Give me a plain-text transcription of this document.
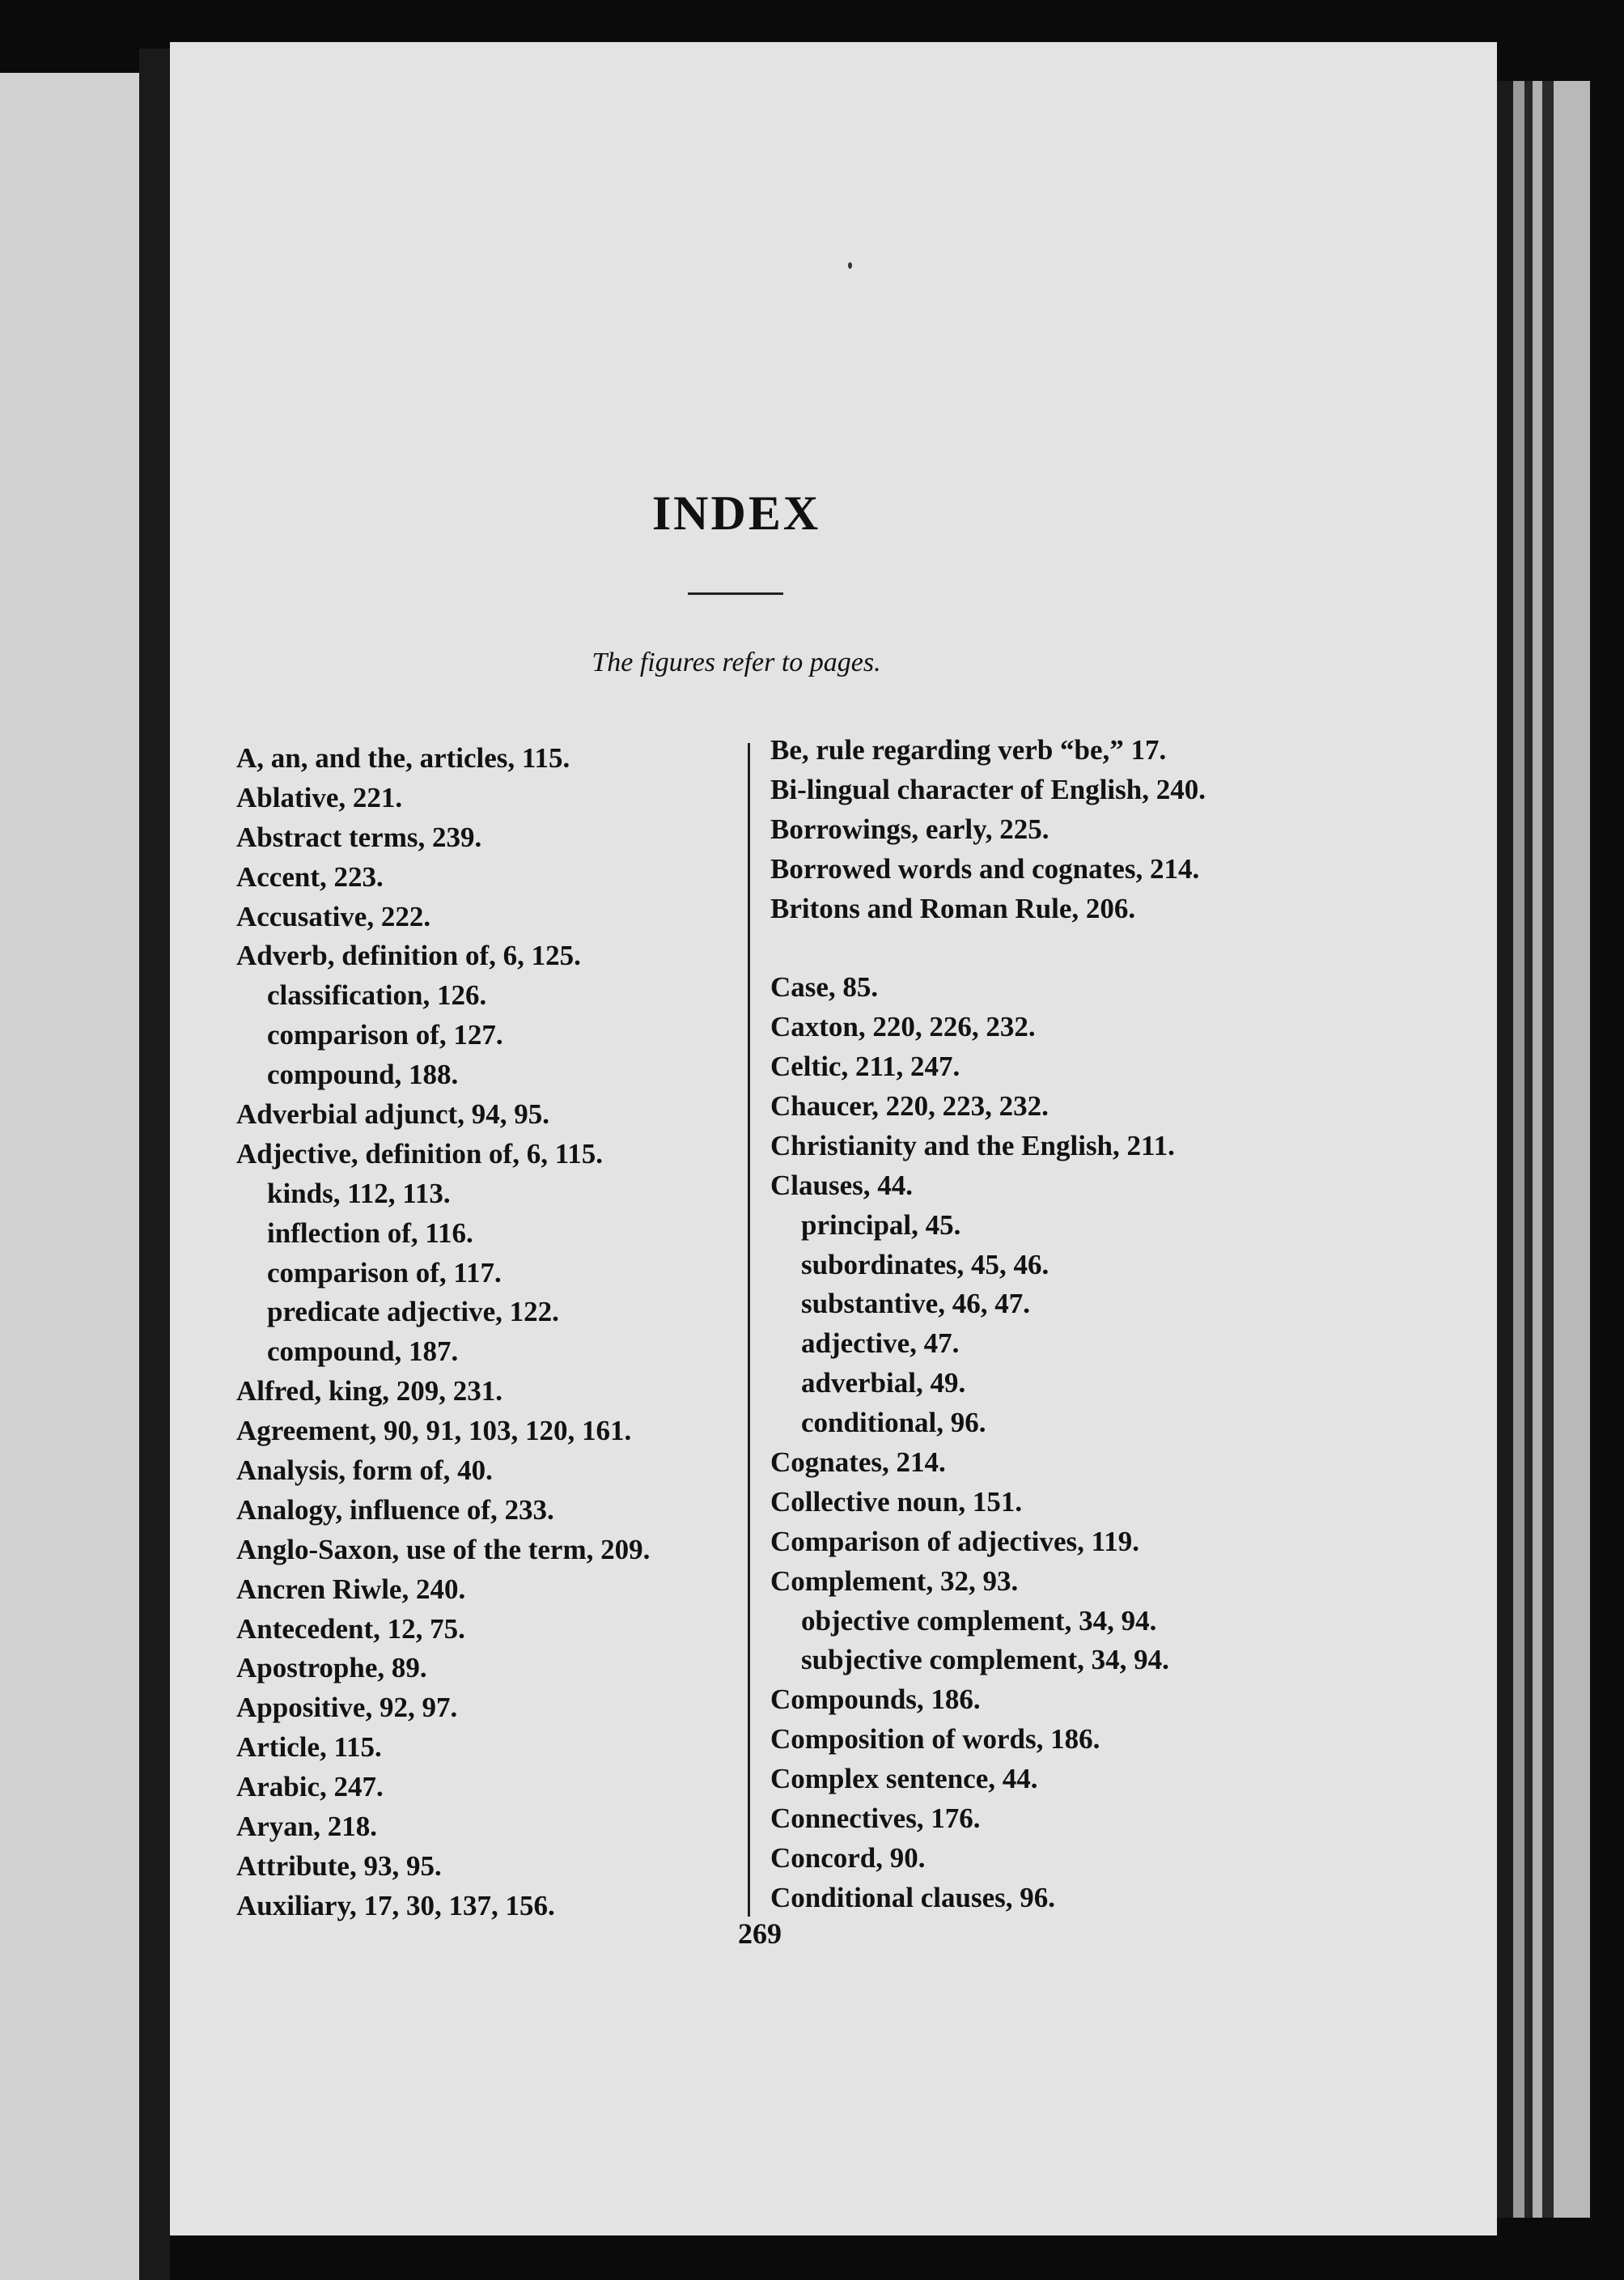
INDEX
The figures refer to pages.
A, an, and the, articles, 115.
Ablative, 221.
Abstract terms, 239.
Accent, 223.
Accusative, 222.
Adverb, definition of, 6, 125.
classification, 126.
comparison of, 127.
compound, 188.
Adverbial adjunct, 94, 95.
Adjective, definition of, 6, 115.
kinds, 112, 113.
inflection of, 116.
comparison of, 117.
predicate adjective, 122.
compound, 187.
Alfred, king, 209, 231.
Agreement, 90, 91, 103, 120, 161.
Analysis, form of, 40.
Analogy, influence of, 233.
Anglo-Saxon, use of the term, 209.
Ancren Riwle, 240.
Antecedent, 12, 75.
Apostrophe, 89.
Appositive, 92, 97.
Article, 115.
Arabic, 247.
Aryan, 218.
Attribute, 93, 95.
Auxiliary, 17, 30, 137, 156.
Be, rule regarding verb “be,” 17.
Bi-lingual character of English, 240.
Borrowings, early, 225.
Borrowed words and cognates, 214.
Britons and Roman Rule, 206.
Case, 85.
Caxton, 220, 226, 232.
Celtic, 211, 247.
Chaucer, 220, 223, 232.
Christianity and the English, 211.
Clauses, 44.
principal, 45.
subordinates, 45, 46.
substantive, 46, 47.
adjective, 47.
adverbial, 49.
conditional, 96.
Cognates, 214.
Collective noun, 151.
Comparison of adjectives, 119.
Complement, 32, 93.
objective complement, 34, 94.
subjective complement, 34, 94.
Compounds, 186.
Composition of words, 186.
Complex sentence, 44.
Connectives, 176.
Concord, 90.
Conditional clauses, 96.
269
